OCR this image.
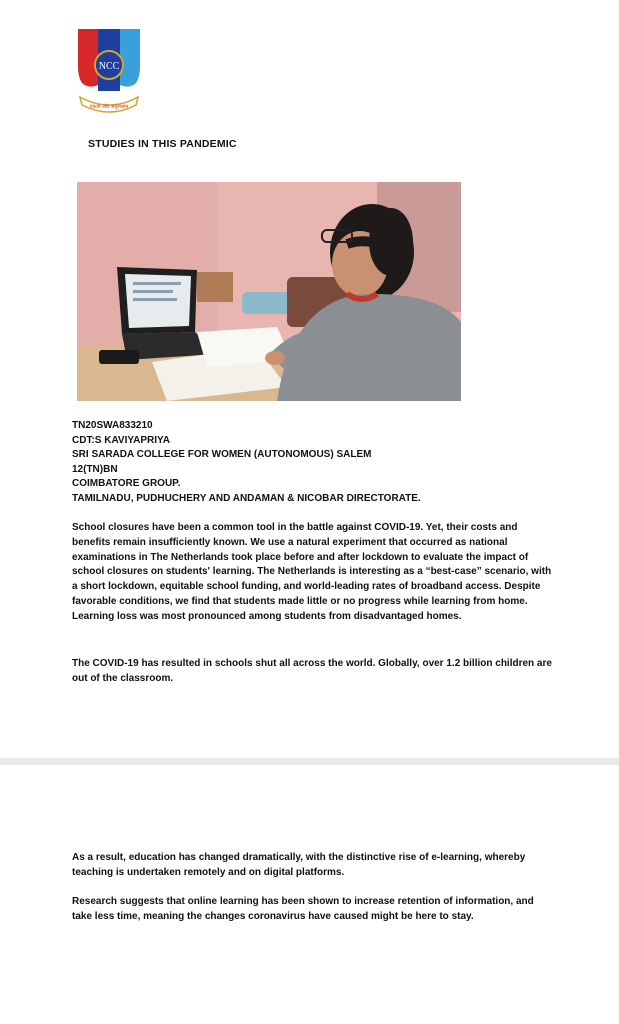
NCC
एकता और अनुशासन
STUDIES IN THIS PANDEMIC
TN20SWA833210
CDT:S KAVIYAPRIYA
SRI SARADA COLLEGE FOR WOMEN (AUTONOMOUS) SALEM
12(TN)BN
COIMBATORE GROUP.
TAMILNADU, PUDHUCHERY AND ANDAMAN & NICOBAR DIRECTORATE.

School closures have been a common tool in the battle against COVID-19. Yet, their costs and benefits remain insufficiently known. We use a natural experiment that occurred as national examinations in The Netherlands took place before and after lockdown to evaluate the impact of school closures on students' learning. The Netherlands is interesting as a “best-case” scenario, with a short lockdown, equitable school funding, and world-leading rates of broadband access. Despite favorable conditions, we find that students made little or no progress while learning from home. Learning loss was most pronounced among students from disadvantaged homes.

The COVID-19 has resulted in schools shut all across the world. Globally, over 1.2 billion children are out of the classroom.

As a result, education has changed dramatically, with the distinctive rise of e-learning, whereby teaching is undertaken remotely and on digital platforms.

Research suggests that online learning has been shown to increase retention of information, and take less time, meaning the changes coronavirus have caused might be here to stay.
